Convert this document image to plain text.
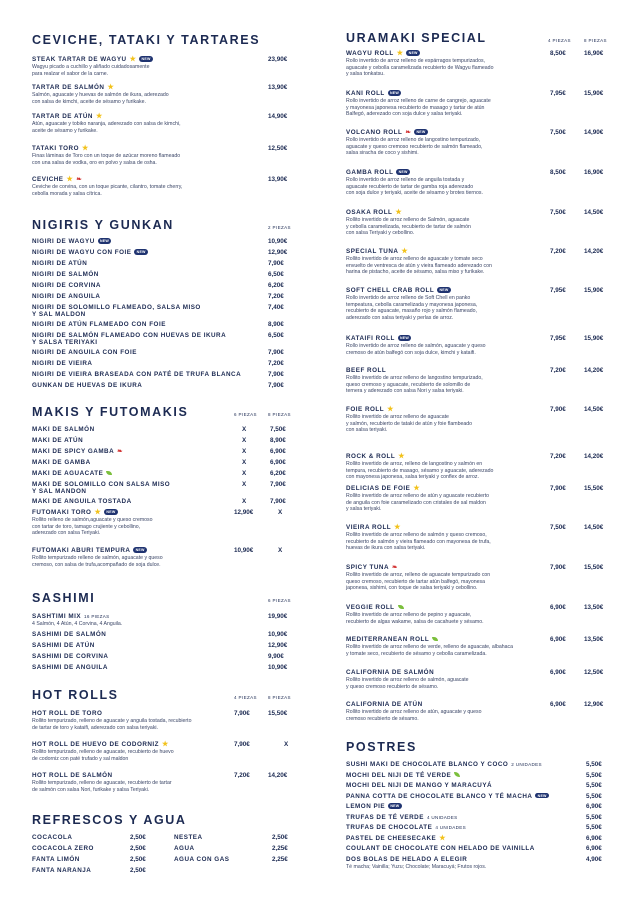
CEVICHE, TATAKI Y TARTARES
STEAK TARTAR DE WAGYU ★ NEW
Wagyu picado a cuchillo y aliñado cuidadosamente
para realzar el sabor de la carne.
23,90€
TARTAR DE SALMÓN ★
Salmón, aguacate y huevas de salmón de ikura, aderezado
con salsa de kimchi, aceite de sésamo y furikake.
13,90€
TARTAR DE ATÚN ★
Atún, aguacate y tobiko naranja, aderezado con salsa de kimchi,
aceite de sésamo y furikake.
14,90€
TATAKI TORO ★
Finas láminas de Toro con un toque de azúcar moreno flameado
con una salsa de vodka, oro en polvo y salsa de osha.
12,50€
CEVICHE ★ ❧
Ceviche de corvina, con un toque picante, cilantro, tomate cherry,
cebolla morada y salsa cítrica.
13,90€
NIGIRIS Y GUNKAN	2 PIEZAS
NIGIRI DE WAGYU NEW	10,90€
NIGIRI DE WAGYU CON FOIE NEW	12,90€
NIGIRI DE ATÚN	7,90€
NIGIRI DE SALMÓN	6,50€
NIGIRI DE CORVINA	6,20€
NIGIRI DE ANGUILA	7,20€
NIGIRI DE SOLOMILLO FLAMEADO, SALSA MISO
Y SAL MALDON
7,40€
NIGIRI DE ATÚN FLAMEADO CON FOIE	8,90€
NIGIRI DE SALMÓN FLAMEADO CON HUEVAS DE IKURA
Y SALSA TERIYAKI
6,50€
NIGIRI DE ANGUILA CON FOIE	7,90€
NIGIRI DE VIEIRA	7,20€
NIGIRI DE VIEIRA BRASEADA CON PATÉ DE TRUFA BLANCA	7,90€
GUNKAN DE HUEVAS DE IKURA	7,90€
MAKIS Y FUTOMAKIS	6 PIEZAS 8 PIEZAS
MAKI DE SALMÓN	X	7,50€
MAKI DE ATÚN	X	8,90€
MAKI DE SPICY GAMBA ❧	X	6,90€
MAKI DE GAMBA	X	6,90€
MAKI DE AGUACATE	X	6,20€
MAKI DE SOLOMILLO CON SALSA MISO
Y SAL MANDON
X	7,90€
MAKI DE ANGUILA TOSTADA	X	7,90€
FUTOMAKI TORO ★ NEW
Rollito relleno de salmón,aguacate y queso cremoso
con tartar de toro, tamago crujiente y cebollino,
aderezado con salsa Teriyaki.
12,90€	X
FUTOMAKI ABURI TEMPURA NEW
Rollito tempurizado relleno de salmón, aguacate y queso
cremoso, con salsa de trufa,acompañado de soja dulce.
10,90€	X
SASHIMI	6 PIEZAS
SASHTIMI MIX 16 PIEZAS
4 Salmón, 4 Atún, 4 Corvina, 4 Anguila.
19,90€
SASHIMI DE SALMÓN	10,90€
SASHIMI DE ATÚN	12,90€
SASHIMI DE CORVINA	9,90€
SASHIMI DE ANGUILA	10,90€
HOT ROLLS	4 PIEZAS 8 PIEZAS
HOT ROLL DE TORO
Rollito tempurizado, relleno de aguacate y anguila tostada, recubierto
de tartar de toro y kataifi, aderezado con salsa teriyaki.
7,90€	15,50€
HOT ROLL DE HUEVO DE CODORNIZ ★
Rollito tempurizado, relleno de aguacate, recubierto de huevo
de codorniz con paté trufado y sal maldon
7,90€	X
HOT ROLL DE SALMÓN
Rollito tempurizado, relleno de aguacate, recubierto de tartar
de salmón con salsa Nori, furikake y salsa Teriyaki.
7,20€	14,20€
REFRESCOS Y AGUA
COCACOLA	2,50€
COCACOLA ZERO	2,50€
FANTA LIMÓN	2,50€
FANTA NARANJA	2,50€
NESTEA	2,50€
AGUA	2,25€
AGUA CON GAS	2,25€
URAMAKI SPECIAL	4 PIEZAS	8 PIEZAS
WAGYU ROLL ★ NEW
Rollo invertido de arroz relleno de espárragos tempurizados,
aguacate y cebolla caramelizada recubierto de Wagyu flameado
y salsa tonkatsu.
8,50€	16,90€
KANI ROLL NEW
Rollo invertido de arroz relleno de carne de cangrejo, aguacate
y mayonesa japonesa recubierto de masago y tartar de atún
Balfegó, aderezado con soja dulce y salsa teriyaki.
7,95€	15,90€
VOLCANO ROLL ❧ NEW
Rollo invertido de arroz relleno de langostino tempurizado,
aguacate y queso cremoso recubierto de salmón flameado,
salsa siracha de coco y sishimi.
7,50€	14,90€
GAMBA ROLL NEW
Rollo invertido de arroz relleno de anguila tostada y
aguacate recubierto de tartar de gamba roja aderezado
con soja dulce y teriyaki, aceite de sésamo y brotes tiernos.
8,50€	16,90€
OSAKA ROLL ★
Rollito invertido de arroz relleno de Salmón, aguacate
y cebolla caramelizada, recubierto de tartar de salmón
con salsa Teriyaki y cebollino.
7,50€	14,50€
SPECIAL TUNA ★
Rollito invertido de arroz relleno de aguacate y tomate seco
envuelto de ventresca de atún y vieira flameado aderezado con
harina de pistacho, aceite de sésamo, salsa miso y furikake.
7,20€	14,20€
SOFT CHELL CRAB ROLL NEW
Rollo invertido de arroz relleno de Soft Chell en panko
tempeatura, cebolla caramelizada y mayonesa japonesa,
recubierto de aguacate, masaño rojo y salmón flameado,
aderezado con salsa teriyaki y perlas de arroz.
7,95€	15,90€
KATAIFI ROLL NEW
Rollo invertido de arroz relleno de salmón, aguacate y queso
cremoso de atún balfegó con soja dulce, kimchi y kataifi.
7,95€	15,90€
BEEF ROLL
Rollito invertido de arroz relleno de langostino tempurizado,
queso cremoso y aguacate, recubierto de solomillo de
ternera y aderezado con salsa Nori y salsa teriyaki.
7,20€	14,20€
FOIE ROLL ★
Rollito invertido de arroz relleno de aguacate
y salmón, recubierto de tataki de atún y foie flambeado
con salsa teriyaki.
7,90€	14,50€
ROCK & ROLL ★
Rollito invertido de arroz, relleno de langostino y salmón en
tempura, recubierto de masago, sésamo y aguacate, aderezado
con mayonesa japonesa, salsa teriyaki y conflex de arroz.
7,20€	14,20€
DELICIAS DE FOIE ★
Rollito invertido de arroz relleno de atún y aguacate recubierto
de anguila con foie caramelizado con cristales de sal maldon
y salsa teriyaki.
7,90€	15,50€
VIEIRA ROLL ★
Rollito invertido de arroz relleno de salmón y queso cremoso,
recubierto de salmón y vieira flameado con mayonesa de trufa,
huevas de ikura con salsa teriyaki.
7,50€	14,50€
SPICY TUNA ❧
Rollito invertido de arroz, relleno de aguacate tempurizado con
queso cremoso, recubierto de tartar atún balfegó, mayonesa
japonesa, sishimi, con toque de salsa teriyaki y cebollino.
7,90€	15,50€
VEGGIE ROLL
Rollito invertido de arroz relleno de pepino y aguacate,
recubierto de algas wakame, salsa de cacahuete y sésamo.
6,90€	13,50€
MEDITERRANEAN ROLL
Rollito invertido de arroz relleno de verde, relleno de aguacate, albahaca
y tomate seco, recubierto de sésamo y cebolla caramelizada.
6,90€	13,50€
CALIFORNIA DE SALMÓN
Rollito invertido de arroz relleno de salmón, aguacate
y queso cremoso recubierto de sésamo.
6,90€	12,50€
CALIFORNIA DE ATÚN
Rollito invertido de arroz relleno de atún, aguacate y queso
cremoso recubierto de sésamo.
6,90€	12,90€
POSTRES
SUSHI MAKI DE CHOCOLATE BLANCO Y COCO 2 UNIDADES	5,50€
MOCHI DEL NIJI DE TÉ VERDE	5,50€
MOCHI DEL NIJI DE MANGO Y MARACUYÁ	5,50€
PANNA COTTA DE CHOCOLATE BLANCO Y TÉ MACHA NEW	5,50€
LEMON PIE NEW	6,90€
TRUFAS DE TÉ VERDE 4 UNIDADES	5,50€
TRUFAS DE CHOCOLATE 4 UNIDADES	5,50€
PASTEL DE CHEESECAKE ★	6,90€
COULANT DE CHOCOLATE CON HELADO DE VAINILLA	6,90€
DOS BOLAS DE HELADO A ELEGIR
Té macha; Vainilla; Yuzu; Chocolate; Maracuyá; Frutos rojos.
4,90€
